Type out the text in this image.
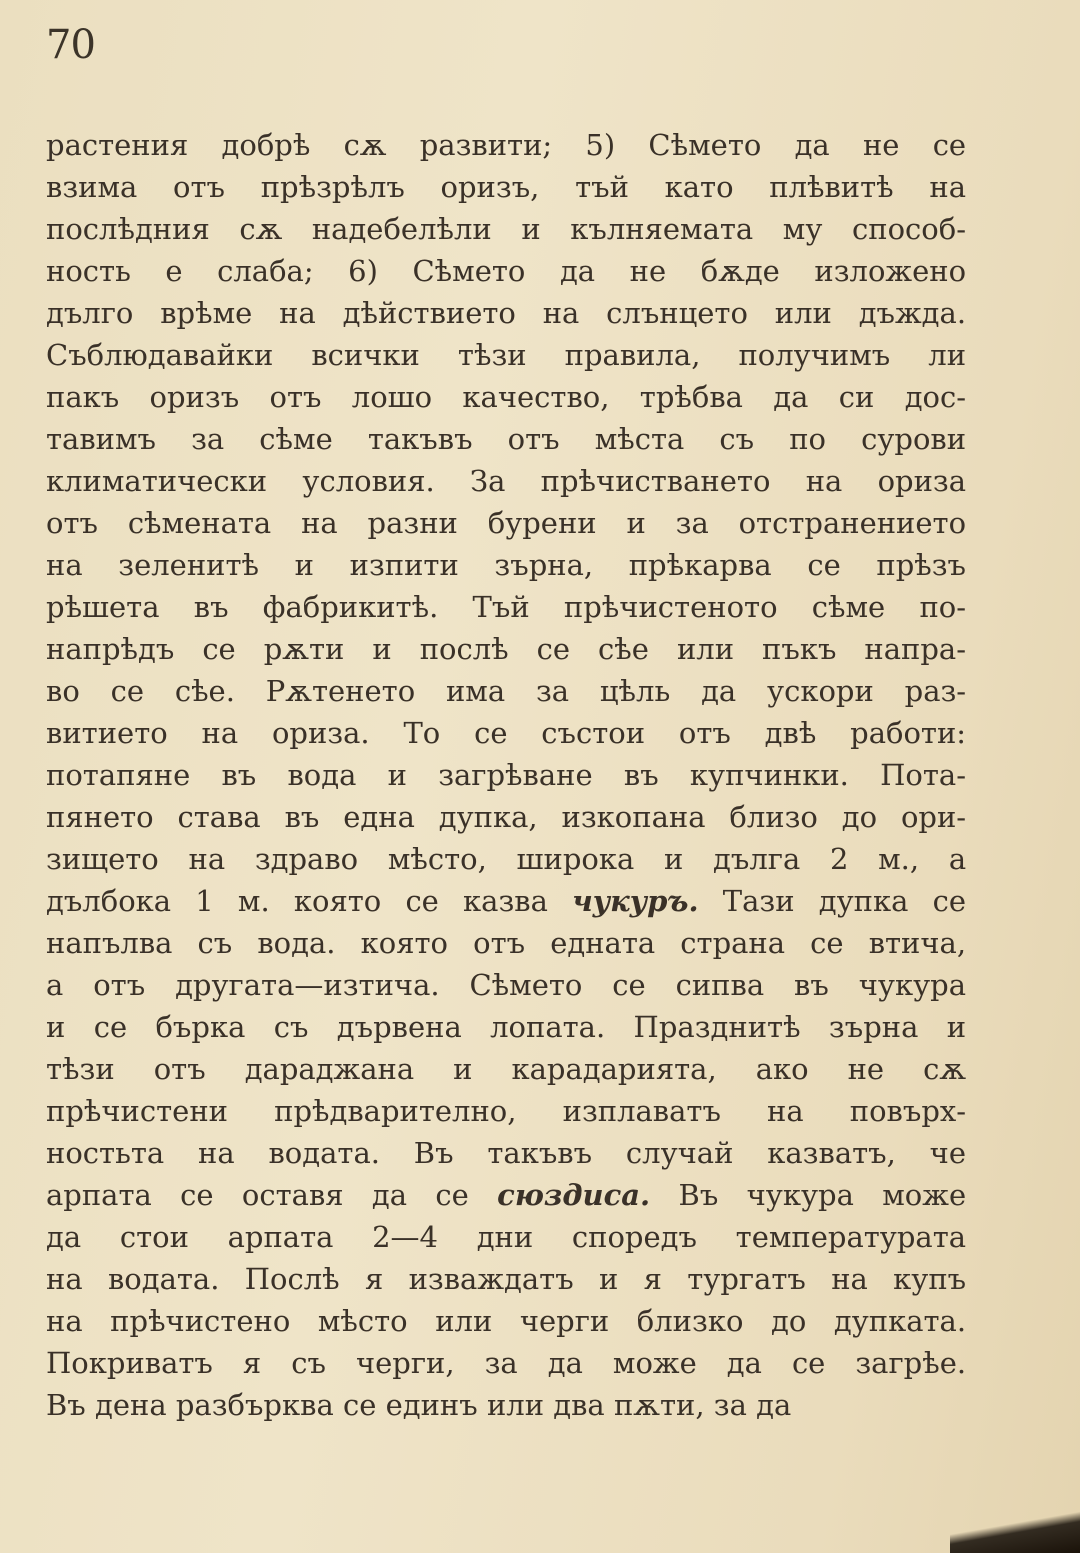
70
растения добрѣ сѫ развити; 5) Сѣмето да не се
взима отъ прѣзрѣлъ оризъ, тъй като плѣвитѣ на
послѣдния сѫ надебелѣли и кълняемата му способ-
ность е слаба; 6) Сѣмето да не бѫде изложено
дълго врѣме на дѣйствието на слънцето или дъжда.
Съблюдавайки всички тѣзи правила, получимъ ли
пакъ оризъ отъ лошо качество, трѣбва да си дос-
тавимъ за сѣме такъвъ отъ мѣста съ по сурови
климатически условия. За прѣчистването на ориза
отъ сѣмената на разни бурени и за отстранението
на зеленитѣ и изпити зърна, прѣкарва се прѣзъ
рѣшета въ фабрикитѣ. Тъй прѣчистеното сѣме по-
напрѣдъ се рѫти и послѣ се сѣе или пъкъ напра-
во се сѣе. Рѫтенето има за цѣль да ускори раз-
витието на ориза. То се състои отъ двѣ работи:
потапяне въ вода и загрѣване въ купчинки. Пота-
пянето става въ една дупка, изкопана близо до ори-
зището на здраво мѣсто, широка и дълга 2 м., а
дълбока 1 м. която се казва чукуръ. Тази дупка се
напълва съ вода. която отъ едната страна се втича,
а отъ другата—изтича. Сѣмето се сипва въ чукура
и се бърка съ дървена лопата. Празднитѣ зърна и
тѣзи отъ дараджана и карадарията, ако не сѫ
прѣчистени прѣдварително, изплаватъ на повърх-
ностьта на водата. Въ такъвъ случай казватъ, че
арпата се оставя да се сюздиса. Въ чукура може
да стои арпата 2—4 дни споредъ температурата
на водата. Послѣ я изваждатъ и я тургатъ на купъ
на прѣчистено мѣсто или черги близко до дупката.
Покриватъ я съ черги, за да може да се загрѣе.
Въ дена разбърква се единъ или два пѫти, за да
